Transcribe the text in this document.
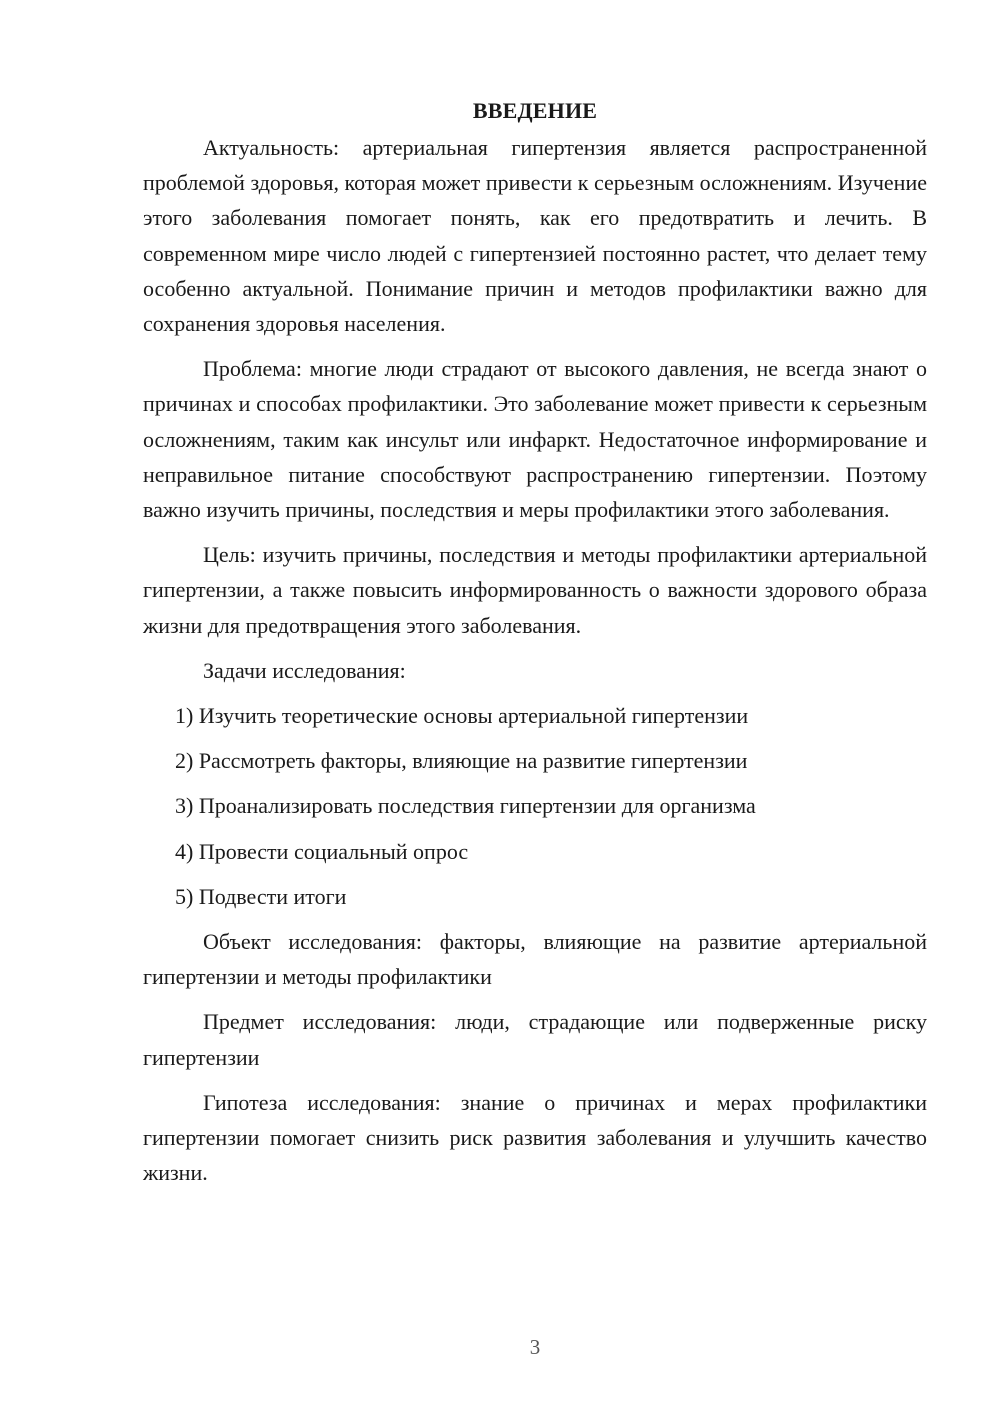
ВВЕДЕНИЕ

Актуальность: артериальная гипертензия является распространенной проблемой здоровья, которая может привести к серьезным осложнениям. Изучение этого заболевания помогает понять, как его предотвратить и лечить. В современном мире число людей с гипертензией постоянно растет, что делает тему особенно актуальной. Понимание причин и методов профилактики важно для сохранения здоровья населения.

Проблема: многие люди страдают от высокого давления, не всегда знают о причинах и способах профилактики. Это заболевание может привести к серьезным осложнениям, таким как инсульт или инфаркт. Недостаточное информирование и неправильное питание способствуют распространению гипертензии. Поэтому важно изучить причины, последствия и меры профилактики этого заболевания.

Цель: изучить причины, последствия и методы профилактики артериальной гипертензии, а также повысить информированность о важности здорового образа жизни для предотвращения этого заболевания.

Задачи исследования:

1) Изучить теоретические основы артериальной гипертензии
2) Рассмотреть факторы, влияющие на развитие гипертензии
3) Проанализировать последствия гипертензии для организма
4) Провести социальный опрос
5) Подвести итоги

Объект исследования: факторы, влияющие на развитие артериальной гипертензии и методы профилактики

Предмет исследования: люди, страдающие или подверженные риску гипертензии

Гипотеза исследования: знание о причинах и мерах профилактики гипертензии помогает снизить риск развития заболевания и улучшить качество жизни.

3
